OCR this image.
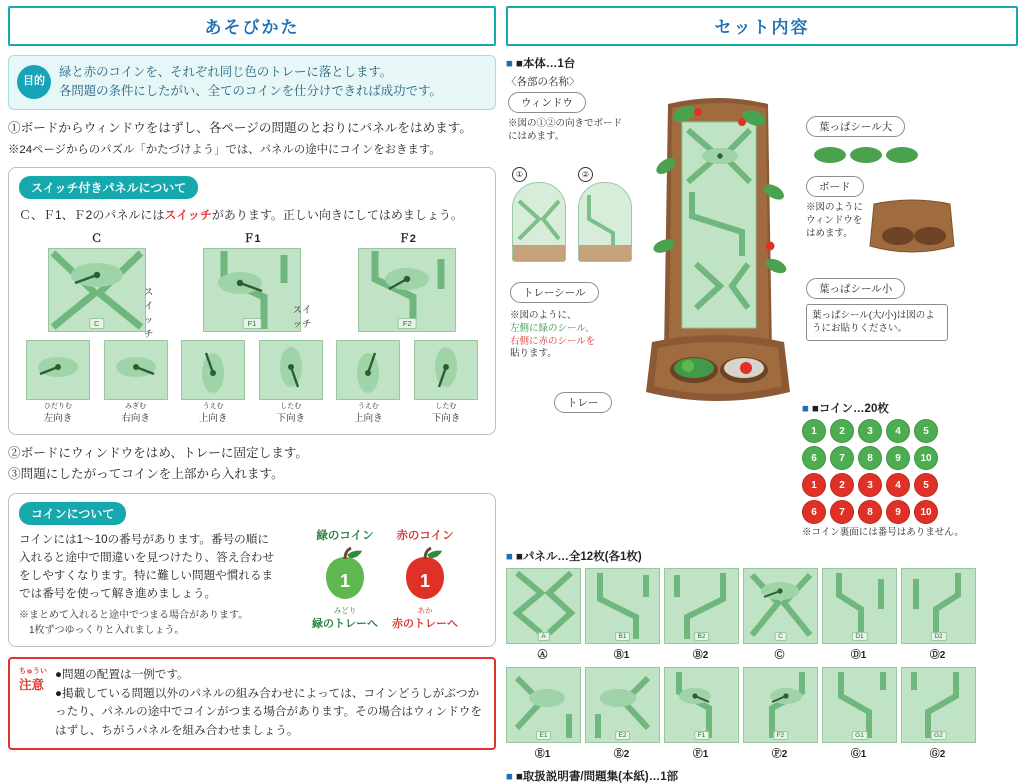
あそびかた
目的
緑と赤のコインを、それぞれ同じ色のトレーに落とします。
各問題の条件にしたがい、全てのコインを仕分けできれば成功です。
①ボードからウィンドウをはずし、各ページの問題のとおりにパネルをはめます。
※24ページからのパズル「かたづけよう」では、パネルの途中にコインをおきます。
スイッチ付きパネルについて
Ｃ、Ｆ1、Ｆ2のパネルにはスイッチがあります。正しい向きにしてはめましょう。
Ｃ
C
スイッチ
Ｆ1
F1
スイッチ
Ｆ2
F2
ひだりむ
左向き
みぎむ
右向き
うえむ
上向き
したむ
下向き
うえむ
上向き
したむ
下向き
②ボードにウィンドウをはめ、トレーに固定します。
③問題にしたがってコインを上部から入れます。
コインについて
コインには1～10の番号があります。番号の順に入れると途中で間違いを見つけたり、答え合わせをしやすくなります。特に難しい問題や慣れるまでは番号を使って解き進めましょう。
※まとめて入れると途中でつまる場合があります。
　1枚ずつゆっくりと入れましょう。
緑のコイン
1
みどり
緑のトレーへ
赤のコイン
1
あか
赤のトレーへ
ちゅうい
注意
●問題の配置は一例です。
●掲載している問題以外のパネルの組み合わせによっては、コインどうしがぶつかったり、パネルの途中でコインがつまる場合があります。その場合はウィンドウをはずし、ちがうパネルを組み合わせましょう。
セット内容
■ ■本体…1台
〈各部の名称〉
ウィンドウ
※図の①②の向きでボードにはめます。
①	②
トレーシール
※図のように、
左側に緑のシール、
右側に赤のシールを
貼ります。
トレー
葉っぱシール大
ボード
※図のようにウィンドウをはめます。
葉っぱシール小
葉っぱシール(大/小)は図のようにお貼りください。
■ ■コイン…20枚
1	2	3	4	5
6	7	8	9	10
1	2	3	4	5
6	7	8	9	10
※コイン裏面には番号はありません。
■ ■パネル…全12枚(各1枚)
A
Ⓐ
B1
Ⓑ1
B2
Ⓑ2
C
Ⓒ
D1
Ⓓ1
D2
Ⓓ2
E1
Ⓔ1
E2
Ⓔ2
F1
Ⓕ1
F2
Ⓕ2
G1
Ⓖ1
G2
Ⓖ2
■ ■取扱説明書/問題集(本紙)…1部
